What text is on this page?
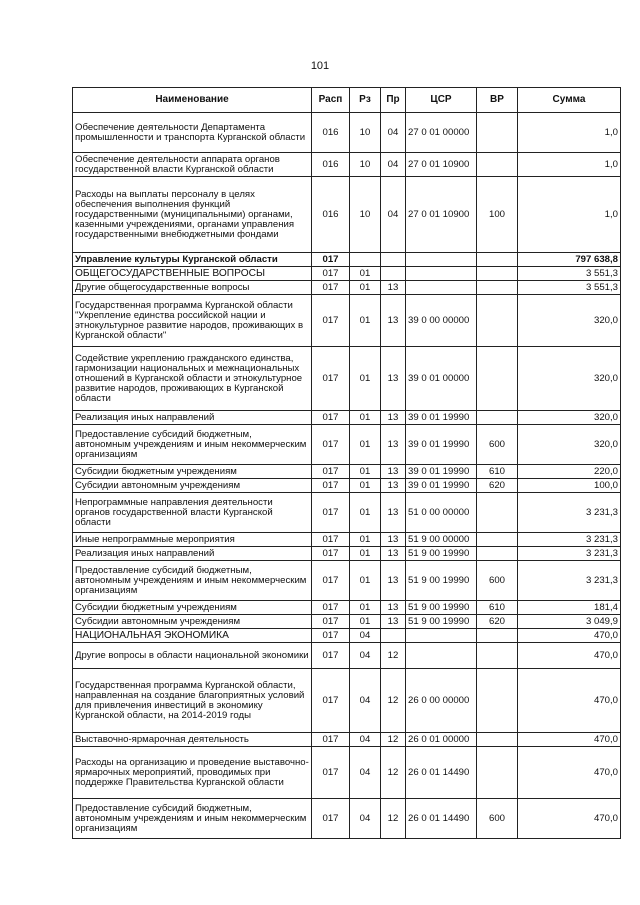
101
Наименование	Расп	Рз	Пр	ЦСР	ВР	Сумма
Обеспечение деятельности Департамента промышленности и транспорта Курганской области	016	10	04	27 0 01 00000		1,0
Обеспечение деятельности аппарата органов государственной власти Курганской области	016	10	04	27 0 01 10900		1,0
Расходы на выплаты персоналу в целях обеспечения выполнения функций государственными (муниципальными) органами, казенными учреждениями, органами управления государственными внебюджетными фондами	016	10	04	27 0 01 10900	100	1,0
Управление культуры Курганской области	017					797 638,8
ОБЩЕГОСУДАРСТВЕННЫЕ ВОПРОСЫ	017	01				3 551,3
Другие общегосударственные вопросы	017	01	13			3 551,3
Государственная программа Курганской области "Укрепление единства российской нации и этнокультурное развитие народов, проживающих в Курганской области"	017	01	13	39 0 00 00000		320,0
Содействие укреплению гражданского единства, гармонизации национальных и межнациональных отношений в Курганской области и этнокультурное развитие народов, проживающих в Курганской области	017	01	13	39 0 01 00000		320,0
Реализация иных направлений	017	01	13	39 0 01 19990		320,0
Предоставление субсидий бюджетным, автономным учреждениям и иным некоммерческим организациям	017	01	13	39 0 01 19990	600	320,0
Субсидии бюджетным учреждениям	017	01	13	39 0 01 19990	610	220,0
Субсидии автономным учреждениям	017	01	13	39 0 01 19990	620	100,0
Непрограммные направления деятельности органов государственной власти Курганской области	017	01	13	51 0 00 00000		3 231,3
Иные непрограммные мероприятия	017	01	13	51 9 00 00000		3 231,3
Реализация иных направлений	017	01	13	51 9 00 19990		3 231,3
Предоставление субсидий бюджетным, автономным учреждениям и иным некоммерческим организациям	017	01	13	51 9 00 19990	600	3 231,3
Субсидии бюджетным учреждениям	017	01	13	51 9 00 19990	610	181,4
Субсидии автономным учреждениям	017	01	13	51 9 00 19990	620	3 049,9
НАЦИОНАЛЬНАЯ ЭКОНОМИКА	017	04				470,0
Другие вопросы в области национальной экономики	017	04	12			470,0
Государственная программа Курганской области, направленная на создание благоприятных условий для привлечения инвестиций в экономику Курганской области, на 2014-2019 годы	017	04	12	26 0 00 00000		470,0
Выставочно-ярмарочная деятельность	017	04	12	26 0 01 00000		470,0
Расходы на организацию и проведение выставочно-ярмарочных мероприятий, проводимых при поддержке Правительства Курганской области	017	04	12	26 0 01 14490		470,0
Предоставление субсидий бюджетным, автономным учреждениям и иным некоммерческим организациям	017	04	12	26 0 01 14490	600	470,0
